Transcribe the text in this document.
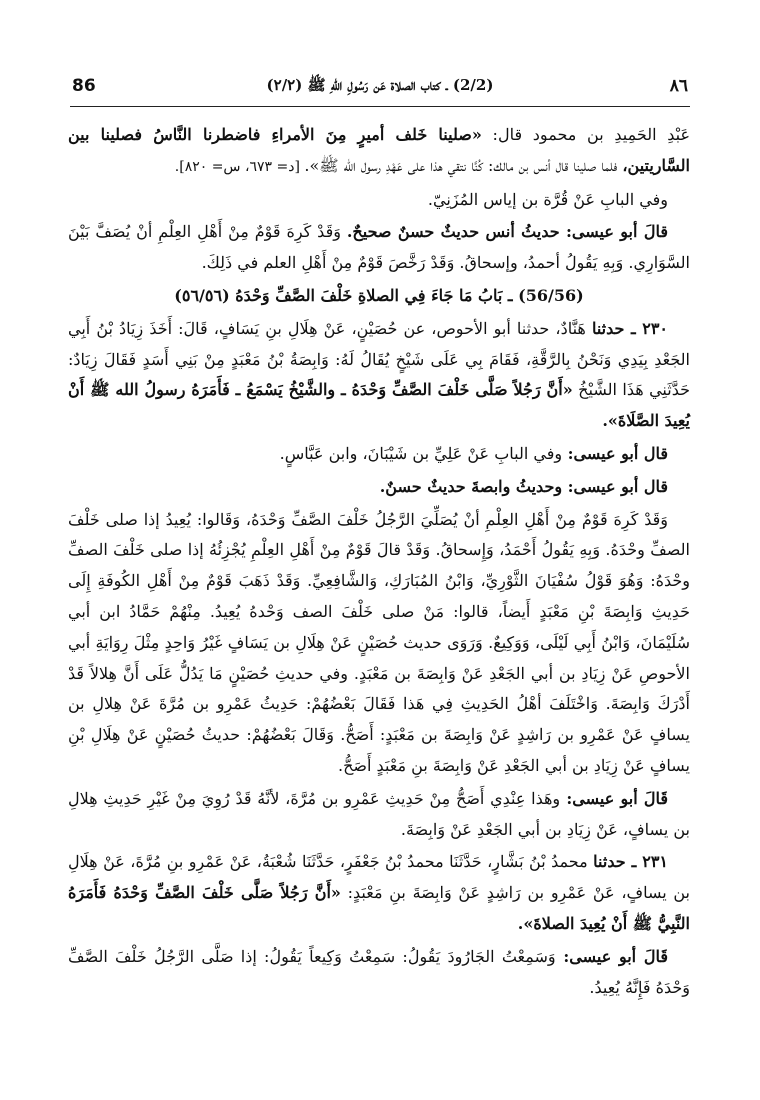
86	(2/2) ـ كتاب الصلاة عَن رَسُولِ اللهِ ﷺ (٢/٢)	٨٦

عَبْدِ الحَمِيدِ بن محمود قال: «صلينا خَلف أميرٍ مِنَ الأمراءِ فاضطرنا النَّاسُ فصلينا بين السَّاريتين، فلما صلينا قال أنس بن مالك: كُنَّا نتقي هذا على عَهْدِ رسول الله ﷺ». [د= ٦٧٣، س= ٨٢٠].

وفي البابِ عَنْ قُرَّة بن إياس المُزَنِيّ.

قالَ أبو عيسى: حديثُ أنس حديثٌ حسنٌ صحيحٌ. وَقَدْ كَرِهَ قَوْمٌ مِنْ أَهْلِ العِلْمِ أنْ يُصَفَّ بَيْنَ السَّوَارِي. وَبِهِ يَقُولُ أحمدُ، وإسحاقُ. وَقَدْ رَخَّصَ قَوْمٌ مِنْ أَهْلِ العلم في ذَلِكَ.

(56/56) ـ بَابُ مَا جَاءَ فِي الصلاةِ خَلْفَ الصَّفِّ وَحْدَهُ (٥٦/٥٦)

٢٣٠ ـ حدثنا هَنَّادٌ، حدثنا أبو الأحوص، عن حُصَيْنٍ، عَنْ هِلَالِ بنِ يَسَافٍ، قَالَ: أَخَذَ زِيَادُ بْنُ أَبِي الجَعْدِ بِيَدِي وَنَحْنُ بِالرَّقَّةِ، فَقَامَ بِي عَلَى شَيْخٍ يُقَالُ لَهُ: وَابِصَةُ بْنُ مَعْبَدٍ مِنْ بَنِي أَسَدٍ فَقَالَ زِيَادٌ: حَدَّثَنِي هَذَا الشَّيْخُ «أَنَّ رَجُلاً صَلَّى خَلْفَ الصَّفِّ وَحْدَهُ ـ والشَّيْخُ يَسْمَعُ ـ فَأَمَرَهُ رسولُ الله ﷺ أَنْ يُعِيدَ الصَّلَاةَ».

قال أبو عيسى: وفي البابِ عَنْ عَلِيِّ بن شَيْبَانَ، وابن عَبَّاسٍ.

قال أبو عيسى: وحديثُ وابصةَ حديثٌ حسنٌ.

وَقَدْ كَرِهَ قَوْمٌ مِنْ أَهْلِ العِلْمِ أنْ يُصَلِّيَ الرَّجُلُ خَلْفَ الصَّفِّ وَحْدَهُ، وَقَالوا: يُعِيدُ إذا صلى خَلْفَ الصفِّ وحْدَهُ. وَبِهِ يَقُولُ أَحْمَدُ، وَإِسحاقُ. وَقَدْ قالَ قَوْمٌ مِنْ أَهْلِ العِلْمِ يُجْزِئُهُ إذا صلى خَلْفَ الصفِّ وحْدَهُ: وَهُوَ قَوْلُ سُفْيَانَ الثَّوْرِيِّ، وَابْنُ المُبَارَكِ، وَالشَّافِعِيِّ. وَقَدْ ذَهَبَ قَوْمٌ مِنْ أَهْلِ الكُوفَةِ إِلَى حَدِيثِ وَابِصَةَ بْنِ مَعْبَدٍ أَيضاً، قالوا: مَنْ صلى خَلْفَ الصف وَحْدهُ يُعِيدُ. مِنْهُمْ حَمَّادُ ابن أبي سُلَيْمَانَ، وَابْنُ أَبِي لَيْلَى، وَوَكِيعٌ. وَرَوَى حديث حُصَيْنٍ عَنْ هِلَالِ بن يَسَافٍ غَيْرُ وَاحِدٍ مِثْلَ رِوَايَةِ أبي الأحوصِ عَنْ زِيَادِ بن أبي الجَعْدِ عَنْ وَابِصَةَ بن مَعْبَدٍ. وفي حديثِ حُصَيْنٍ مَا يَدُلُّ عَلَى أَنَّ هِلالاً قَدْ أَدْرَكَ وَابِصَةَ. وَاخْتَلَفَ أهْلُ الحَدِيثِ فِي هَذا فَقَالَ بَعْضُهُمْ: حَدِيثُ عَمْرِو بن مُرَّةَ عَنْ هِلالِ بن يسافٍ عَنْ عَمْرِو بن رَاشِدٍ عَنْ وَابِصَةَ بن مَعْبَدٍ: أَصَحُّ. وَقَالَ بَعْضُهُمْ: حديثُ حُصَيْنٍ عَنْ هِلَالِ بْنِ يسافٍ عَنْ زِيَادِ بن أبي الجَعْدِ عَنْ وَابِصَةَ بنِ مَعْبَدٍ أَصَحُّ.

قَالَ أبو عيسى: وهَذا عِنْدِي أَصَحُّ مِنْ حَدِيثِ عَمْرِو بن مُرَّةَ، لأنَّهُ قَدْ رُوِيَ مِنْ غَيْرِ حَدِيثِ هِلالِ بن يسافٍ، عَنْ زِيَادِ بن أبي الجَعْدِ عَنْ وَابِصَةَ.

٢٣١ ـ حدثنا محمدُ بْنُ بَشَّارٍ، حَدَّثَنَا محمدُ بْنُ جَعْفَرٍ، حَدَّثَنَا شُعْبَةُ، عَنْ عَمْرِو بنِ مُرَّةَ، عَنْ هِلَالِ بن يسافٍ، عَنْ عَمْرِو بن رَاشِدٍ عَنْ وَابِصَةَ بنِ مَعْبَدٍ: «أَنَّ رَجُلاً صَلَّى خَلْفَ الصَّفِّ وَحْدَهُ فَأَمَرَهُ النَّبِيُّ ﷺ أَنْ يُعِيدَ الصلاةَ».

قَالَ أبو عيسى: وَسَمِعْتُ الجَارُودَ يَقُولُ: سَمِعْتُ وَكِيعاً يَقُولُ: إذا صَلَّى الرَّجُلُ خَلْفَ الصَّفِّ وَحْدَهُ فَإِنَّهُ يُعِيدُ.
